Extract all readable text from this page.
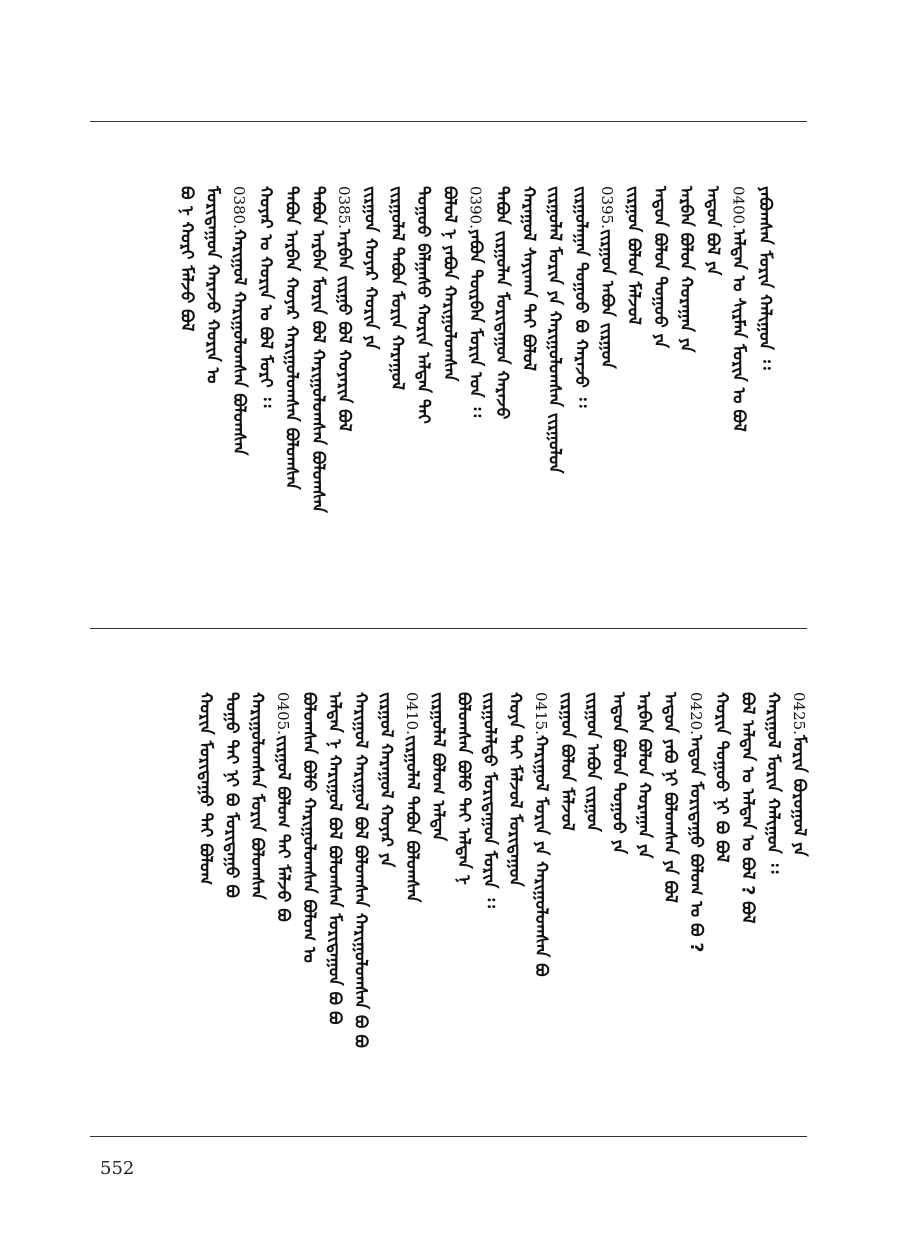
ᠶᠠᠪᠤᠭᠰᠠᠨ ᠮᠣᠷᠢᠨ ᠬᠠᠯᠢᠭᠤᠨ ᠄᠄
0400.ᠠᠯᠲᠠᠨ ᠤ ᠰᠢᠷᠮᠡᠨ ᠮᠣᠷᠢᠨ ᠤ ᠪᠣᠯ
ᠠᠳᠤᠨ ᠪᠣᠯ ᠶᠠ
ᠠᠷᠪᠠᠨ ᠪᠣᠯᠤᠨ ᠬᠤᠷᠠᠭᠠᠨ ᠶᠠ
ᠠᠳᠤᠨ ᠪᠣᠯᠤᠨ ᠲᠣᠭᠣᠣ ᠶᠠ
ᠵᠢᠷᠭᠤᠨ ᠪᠣᠯᠤᠨ ᠮᠠᠯᠵᠤᠯ
0395.ᠵᠢᠷᠭᠤᠨ ᠠᠪᠤᠨ ᠵᠢᠷᠭᠤᠨ
ᠵᠢᠷᠭᠤᠯᠠᠭᠠᠨ ᠲᠣᠭᠣᠣ ᠪᠤ ᠬᠠᠷᠠᠵᠤ ᠄᠄
ᠵᠢᠷᠭᠤᠯᠠᠯ ᠮᠣᠷᠢᠨ ᠶᠠ ᠬᠠᠷᠢᠭᠤᠯᠤᠭᠰᠠᠨ ᠵᠢᠷᠭᠤᠯᠤᠨ
ᠬᠠᠷᠠᠭᠤᠯ ᠰᠠᠶᠢᠬᠠᠨ ᠲᠠᠢ ᠪᠣᠯᠣᠯ
ᠲᠠᠪᠤᠨ ᠵᠢᠷᠭᠤᠯᠠᠨ ᠮᠣᠷᠢᠳᠠᠭᠤᠨ ᠬᠠᠷᠠᠵᠤ
0390.ᠶᠠᠪᠤᠨ ᠳᠥᠷᠪᠡᠨ ᠮᠣᠷᠢᠨ ᠤᠨ ᠄᠄
ᠪᠣᠯᠣᠯ ᠨ ᠶᠠᠪᠤᠨ ᠬᠠᠷᠢᠭᠤᠯᠤᠭᠰᠠᠨ
ᠲᠣᠭᠣᠣ ᠪᠠᠯᠭᠠᠰᠤ ᠬᠣᠷᠢᠨ ᠠᠯᠲᠠᠨ ᠲᠠᠢ
ᠵᠢᠷᠭᠤᠯᠠᠯ ᠲᠠᠪᠤᠨ ᠮᠣᠷᠢᠨ ᠬᠠᠷᠠᠭᠤᠯ
ᠵᠢᠷᠭᠤᠨ ᠬᠣᠶᠠᠷ ᠬᠣᠷᠢᠨ ᠶᠠ
0385.ᠠᠷᠪᠠᠨ ᠵᠢᠷᠭᠤ ᠪᠣᠯ ᠬᠣᠶᠠᠷᠢᠨ ᠪᠣᠯ
ᠲᠠᠪᠤᠨ ᠠᠷᠪᠠᠨ ᠮᠣᠷᠢᠨ ᠪᠣᠯ ᠬᠠᠷᠢᠭᠤᠯᠤᠭᠰᠠᠨ ᠪᠣᠯᠣᠭᠰᠠᠨ
ᠲᠠᠪᠤᠨ ᠠᠷᠪᠠᠨ ᠬᠣᠶᠠᠷ ᠬᠠᠷᠢᠭᠤᠯᠤᠭᠰᠠᠨ ᠪᠣᠯᠣᠭᠰᠠᠨ
ᠬᠣᠶᠠᠷ ᠤ ᠬᠣᠷᠢᠨ ᠤ ᠪᠣᠯ ᠮᠣᠷᠢ ᠄᠄
0380.ᠬᠠᠷᠢᠭᠤᠯ ᠬᠠᠷᠢᠭᠤᠯᠤᠭᠰᠠᠨ ᠪᠣᠯᠣᠭᠰᠠᠨ
ᠮᠣᠷᠢᠳᠠᠭᠤᠨ ᠬᠠᠷᠠᠵᠤ ᠬᠣᠷᠢᠨ ᠤ
ᠪᠣ ᠨ ᠬᠣᠷᠢ ᠮᠠᠯᠵᠤ ᠪᠣᠯ
0425.ᠮᠣᠷᠢᠨ ᠪᠣᠷᠣᠭᠤᠯ ᠶᠠ
ᠬᠠᠷᠢᠭᠤᠯ ᠮᠣᠷᠢᠨ ᠬᠠᠯᠢᠭᠤᠨ ᠄᠄
ᠪᠣᠯ ᠠᠯᠲᠠᠨ ᠤ ᠠᠯᠲᠠᠨ ᠤ ᠪᠣᠯ ? ᠪᠣᠯ
ᠬᠣᠷᠢᠨ ᠲᠣᠭᠣᠣ ᠨᠢ ᠪᠣ ᠪᠣᠯ
0420.ᠠᠳᠤᠨ ᠮᠣᠷᠢᠳᠠᠭᠤ ᠪᠣᠯᠣᠭ ᠤ ᠪᠣ ?
ᠠᠳᠤᠨ ᠶᠠᠪᠤ ᠨᠢ ᠪᠣᠯᠣᠭᠰᠠᠨ ᠶᠠ ᠪᠣᠯ
ᠠᠷᠪᠠᠨ ᠪᠣᠯᠤᠨ ᠬᠤᠷᠠᠭᠠᠨ ᠶᠠ
ᠠᠳᠤᠨ ᠪᠣᠯᠤᠨ ᠲᠣᠭᠣᠣ ᠶᠠ
ᠵᠢᠷᠭᠤᠨ ᠠᠪᠤᠨ ᠵᠢᠷᠭᠤᠨ
ᠵᠢᠷᠭᠤᠨ ᠪᠣᠯᠤᠨ ᠮᠠᠯᠵᠤᠯ
0415.ᠬᠠᠷᠢᠭᠤᠯ ᠮᠣᠷᠢᠨ ᠶᠠ ᠬᠠᠷᠢᠭᠤᠯᠤᠭᠰᠠᠨ ᠪᠣ
ᠬᠣᠶᠠ ᠲᠠᠢ ᠮᠠᠯᠵᠤᠯ ᠮᠣᠷᠢᠳᠠᠭᠤᠨ
ᠵᠢᠷᠭᠤᠯᠠᠯᠲᠤ ᠮᠣᠷᠢᠳᠠᠭᠤᠨ ᠮᠣᠷᠢᠨ ᠄᠄
ᠪᠣᠯᠣᠭᠰᠠᠨ ᠪᠣᠯᠣ ᠲᠠᠢ ᠠᠯᠲᠠᠨ ᠨ
ᠵᠢᠷᠭᠤᠯᠠᠯ ᠪᠣᠯᠣᠭ ᠠᠯᠲᠠᠨ
0410.ᠵᠢᠷᠭᠤᠯᠠᠯ ᠲᠠᠪᠤᠨ ᠪᠣᠯᠣᠭᠰᠠᠨ
ᠵᠢᠷᠭᠤᠯ ᠬᠠᠷᠠᠭᠤᠯ ᠬᠣᠶᠠᠷ ᠶᠠ
ᠬᠠᠷᠢᠭᠤᠯ ᠬᠠᠷᠢᠭᠤᠯ ᠪᠣᠯ ᠪᠣᠯᠣᠭᠰᠠᠨ ᠬᠠᠷᠢᠭᠤᠯᠤᠭᠰᠠᠨ ᠪᠣ ᠪᠣ
ᠠᠯᠲᠠᠨ ᠨ ᠬᠠᠷᠢᠭᠤᠯ ᠪᠣᠯ ᠪᠣᠯᠣᠭᠰᠠᠨ ᠮᠣᠷᠢᠳᠠᠭᠤᠨ ᠪᠣ ᠪᠣ
ᠪᠣᠯᠣᠭᠰᠠᠨ ᠪᠣᠯᠣ ᠬᠠᠷᠢᠭᠤᠯᠤᠭᠰᠠᠨ ᠪᠣᠯᠣᠭ ᠤ
0405.ᠵᠢᠷᠭᠤᠯ ᠪᠣᠯᠣᠭ ᠲᠠᠢ ᠮᠠᠯᠵᠤ ᠪᠣ
ᠬᠠᠷᠢᠭᠤᠯᠤᠭᠰᠠᠨ ᠮᠣᠷᠢᠨ ᠪᠣᠯᠣᠭᠰᠠᠨ
ᠲᠣᠭᠣ ᠲᠠᠢ ᠨᠢ ᠪᠣ ᠮᠣᠷᠢᠳᠠᠭᠤ ᠪᠣ
ᠬᠣᠷᠢᠨ ᠮᠣᠷᠢᠳᠠᠭᠤ ᠲᠠᠢ ᠪᠣᠯᠣᠭ
552
